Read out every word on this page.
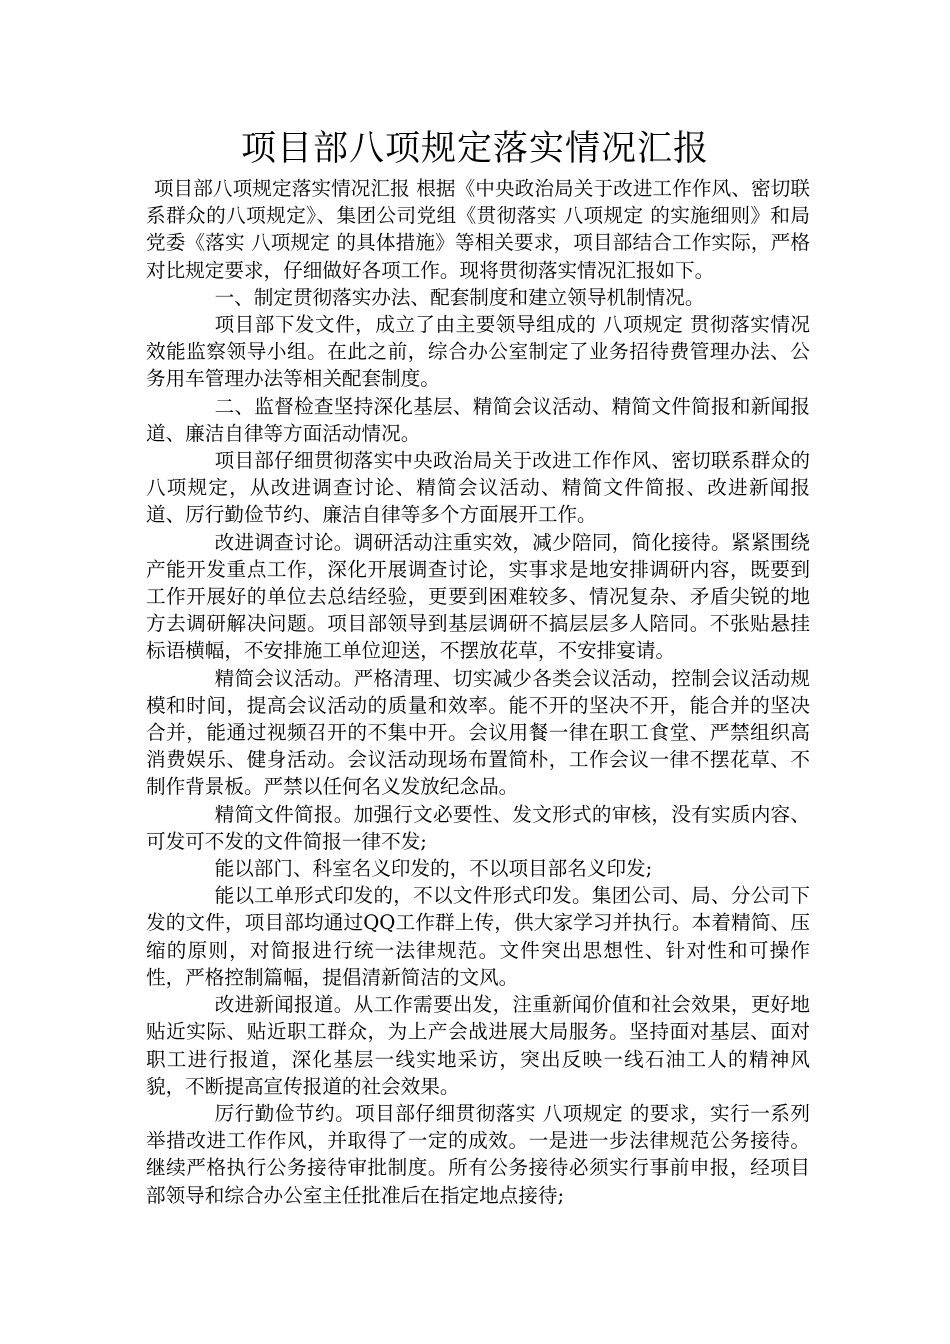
项目部八项规定落实情况汇报

项目部八项规定落实情况汇报 根据《中央政治局关于改进工作作风、密切联系群众的八项规定》、集团公司党组《贯彻落实 八项规定 的实施细则》和局党委《落实 八项规定 的具体措施》等相关要求，项目部结合工作实际，严格对比规定要求，仔细做好各项工作。现将贯彻落实情况汇报如下。

一、制定贯彻落实办法、配套制度和建立领导机制情况。

项目部下发文件，成立了由主要领导组成的 八项规定 贯彻落实情况效能监察领导小组。在此之前，综合办公室制定了业务招待费管理办法、公务用车管理办法等相关配套制度。

二、监督检查坚持深化基层、精简会议活动、精简文件简报和新闻报道、廉洁自律等方面活动情况。

项目部仔细贯彻落实中央政治局关于改进工作作风、密切联系群众的八项规定，从改进调查讨论、精简会议活动、精简文件简报、改进新闻报道、厉行勤俭节约、廉洁自律等多个方面展开工作。

改进调查讨论。调研活动注重实效，减少陪同，简化接待。紧紧围绕产能开发重点工作，深化开展调查讨论，实事求是地安排调研内容，既要到工作开展好的单位去总结经验，更要到困难较多、情况复杂、矛盾尖锐的地方去调研解决问题。项目部领导到基层调研不搞层层多人陪同。不张贴悬挂标语横幅，不安排施工单位迎送，不摆放花草，不安排宴请。

精简会议活动。严格清理、切实减少各类会议活动，控制会议活动规模和时间，提高会议活动的质量和效率。能不开的坚决不开，能合并的坚决合并，能通过视频召开的不集中开。会议用餐一律在职工食堂、严禁组织高消费娱乐、健身活动。会议活动现场布置简朴，工作会议一律不摆花草、不制作背景板。严禁以任何名义发放纪念品。

精简文件简报。加强行文必要性、发文形式的审核，没有实质内容、可发可不发的文件简报一律不发;

能以部门、科室名义印发的，不以项目部名义印发;

能以工单形式印发的，不以文件形式印发。集团公司、局、分公司下发的文件，项目部均通过QQ工作群上传，供大家学习并执行。本着精简、压缩的原则，对简报进行统一法律规范。文件突出思想性、针对性和可操作性，严格控制篇幅，提倡清新简洁的文风。

改进新闻报道。从工作需要出发，注重新闻价值和社会效果，更好地贴近实际、贴近职工群众，为上产会战进展大局服务。坚持面对基层、面对职工进行报道，深化基层一线实地采访，突出反映一线石油工人的精神风貌，不断提高宣传报道的社会效果。

厉行勤俭节约。项目部仔细贯彻落实 八项规定 的要求，实行一系列举措改进工作作风，并取得了一定的成效。一是进一步法律规范公务接待。继续严格执行公务接待审批制度。所有公务接待必须实行事前申报，经项目部领导和综合办公室主任批准后在指定地点接待;
